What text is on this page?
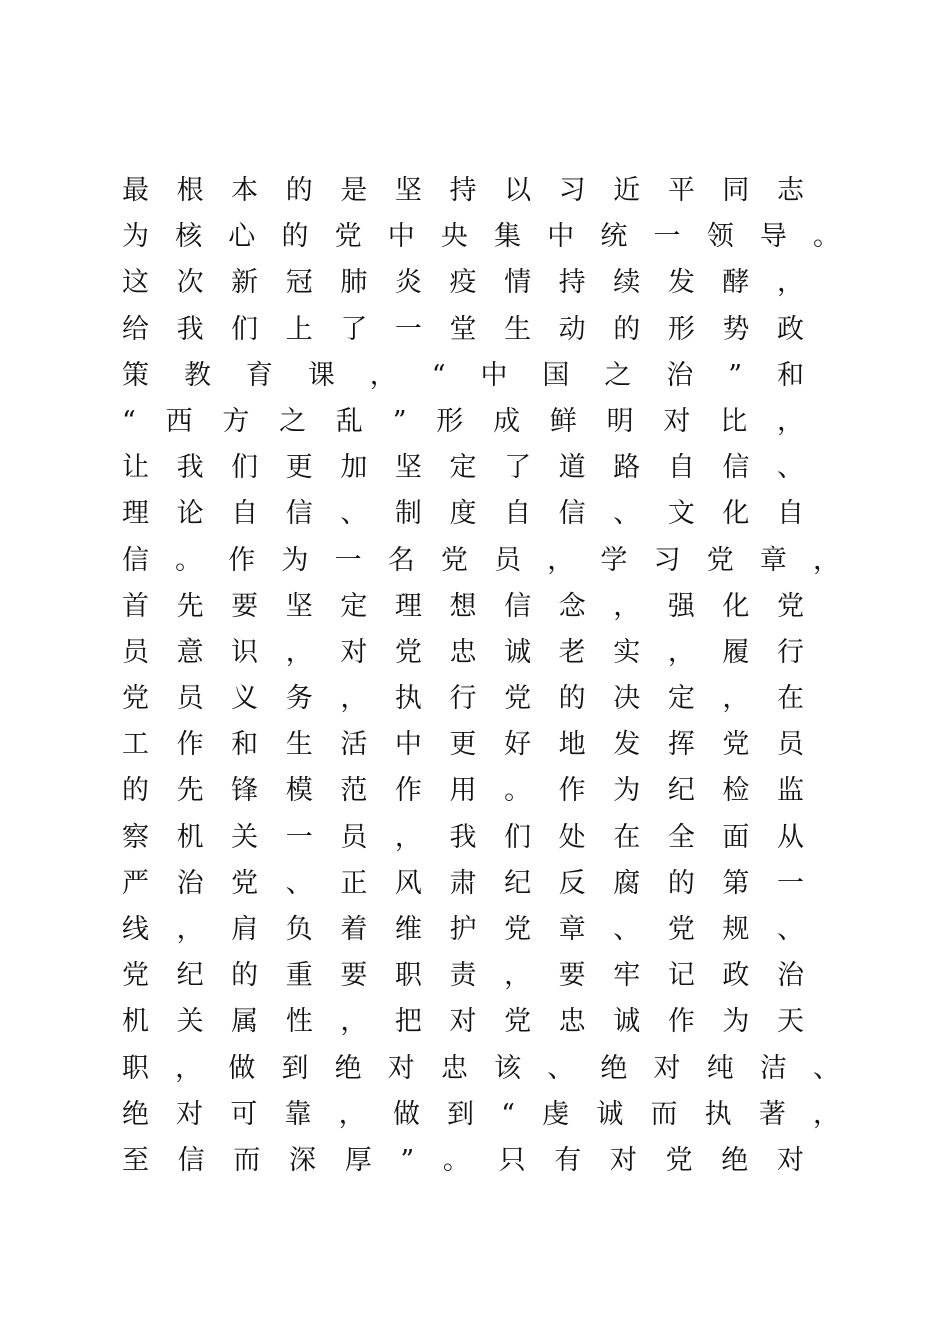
最根本的是坚持以习近平同志
为核心的党中央集中统一领导。
这次新冠肺炎疫情持续发酵，
给我们上了一堂生动的形势政
策教育课，“中国之治”和
“西方之乱”形成鲜明对比，
让我们更加坚定了道路自信、
理论自信、制度自信、文化自
信。作为一名党员，学习党章，
首先要坚定理想信念，强化党
员意识，对党忠诚老实，履行
党员义务，执行党的决定，在
工作和生活中更好地发挥党员
的先锋模范作用。作为纪检监
察机关一员，我们处在全面从
严治党、正风肃纪反腐的第一
线，肩负着维护党章、党规、
党纪的重要职责，要牢记政治
机关属性，把对党忠诚作为天
职，做到绝对忠该、绝对纯洁、
绝对可靠，做到“虔诚而执著，
至信而深厚”。只有对党绝对
